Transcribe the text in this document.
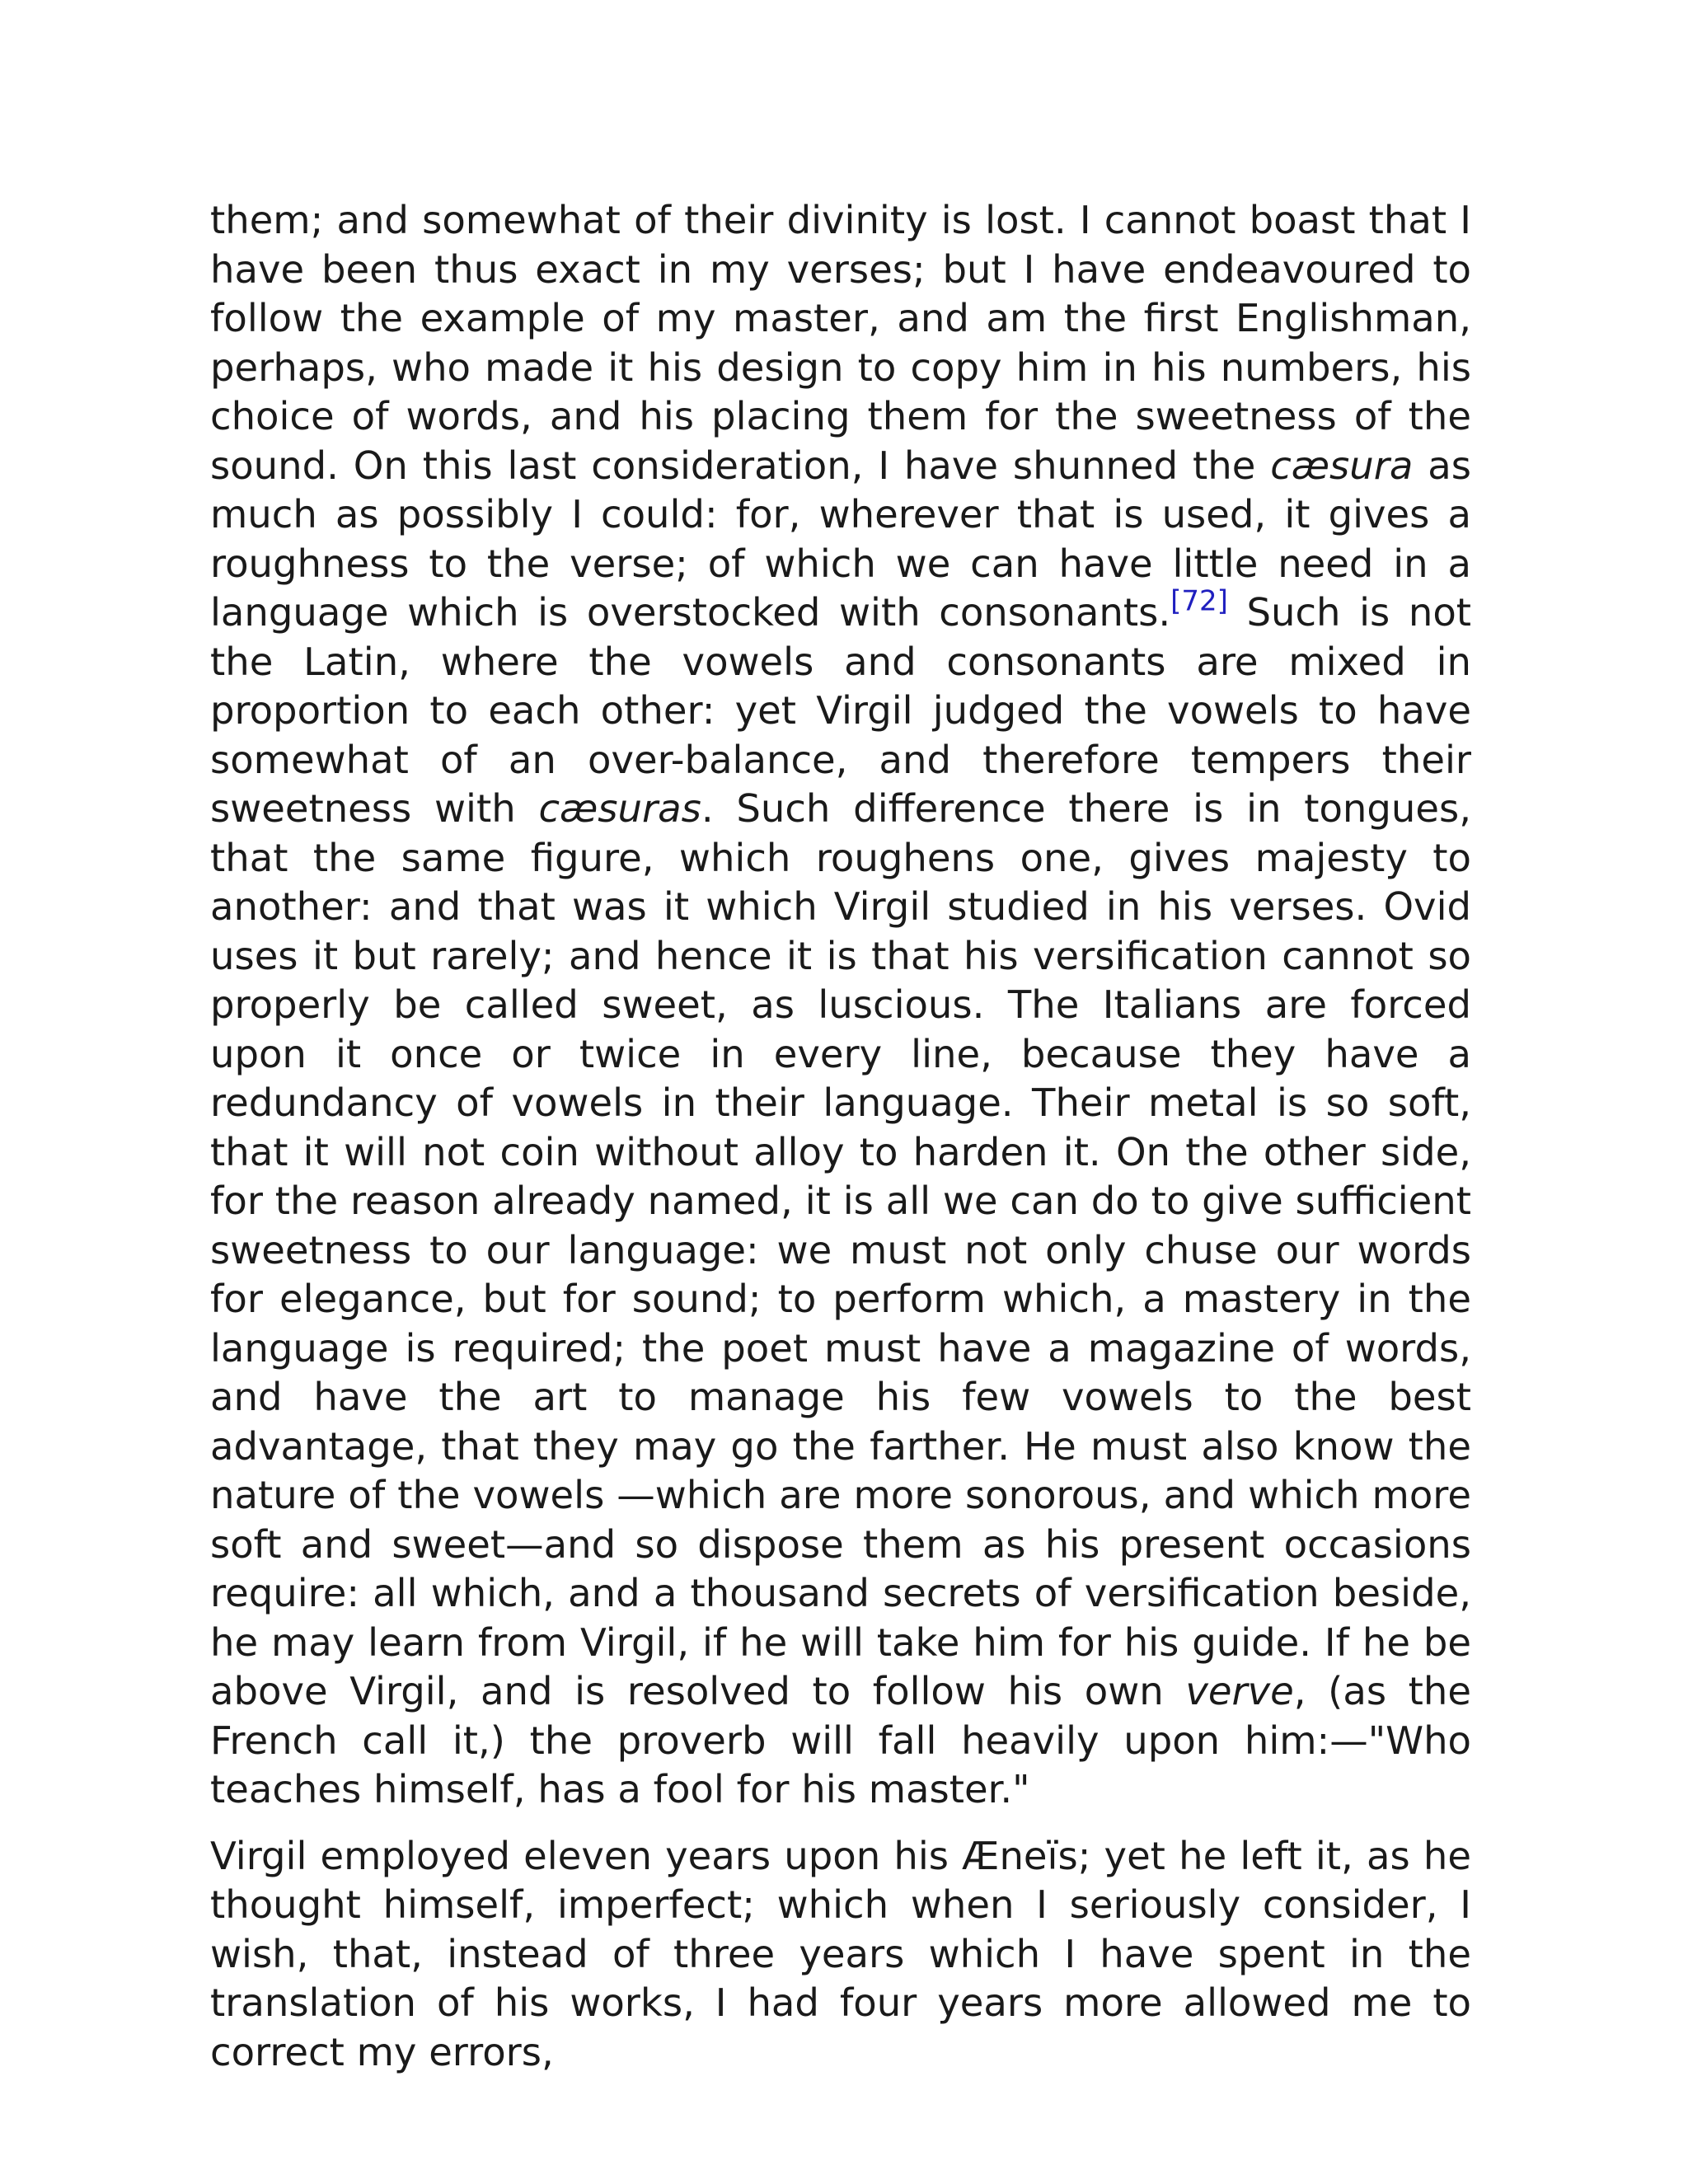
them; and somewhat of their divinity is lost. I cannot boast that I have been thus exact in my verses; but I have endeavoured to follow the example of my master, and am the first Englishman, perhaps, who made it his design to copy him in his numbers, his choice of words, and his placing them for the sweetness of the sound. On this last consideration, I have shunned the cæsura as much as possibly I could: for, wherever that is used, it gives a roughness to the verse; of which we can have little need in a language which is overstocked with consonants.[72] Such is not the Latin, where the vowels and consonants are mixed in proportion to each other: yet Virgil judged the vowels to have somewhat of an over-balance, and therefore tempers their sweetness with cæsuras. Such difference there is in tongues, that the same figure, which roughens one, gives majesty to another: and that was it which Virgil studied in his verses. Ovid uses it but rarely; and hence it is that his versification cannot so properly be called sweet, as luscious. The Italians are forced upon it once or twice in every line, because they have a redundancy of vowels in their language. Their metal is so soft, that it will not coin without alloy to harden it. On the other side, for the reason already named, it is all we can do to give sufficient sweetness to our language: we must not only chuse our words for elegance, but for sound; to perform which, a mastery in the language is required; the poet must have a magazine of words, and have the art to manage his few vowels to the best advantage, that they may go the farther. He must also know the nature of the vowels —which are more sonorous, and which more soft and sweet—and so dispose them as his present occasions require: all which, and a thousand secrets of versification beside, he may learn from Virgil, if he will take him for his guide. If he be above Virgil, and is resolved to follow his own verve, (as the French call it,) the proverb will fall heavily upon him:—"Who teaches himself, has a fool for his master."

Virgil employed eleven years upon his Æneïs; yet he left it, as he thought himself, imperfect; which when I seriously consider, I wish, that, instead of three years which I have spent in the translation of his works, I had four years more allowed me to correct my errors,
